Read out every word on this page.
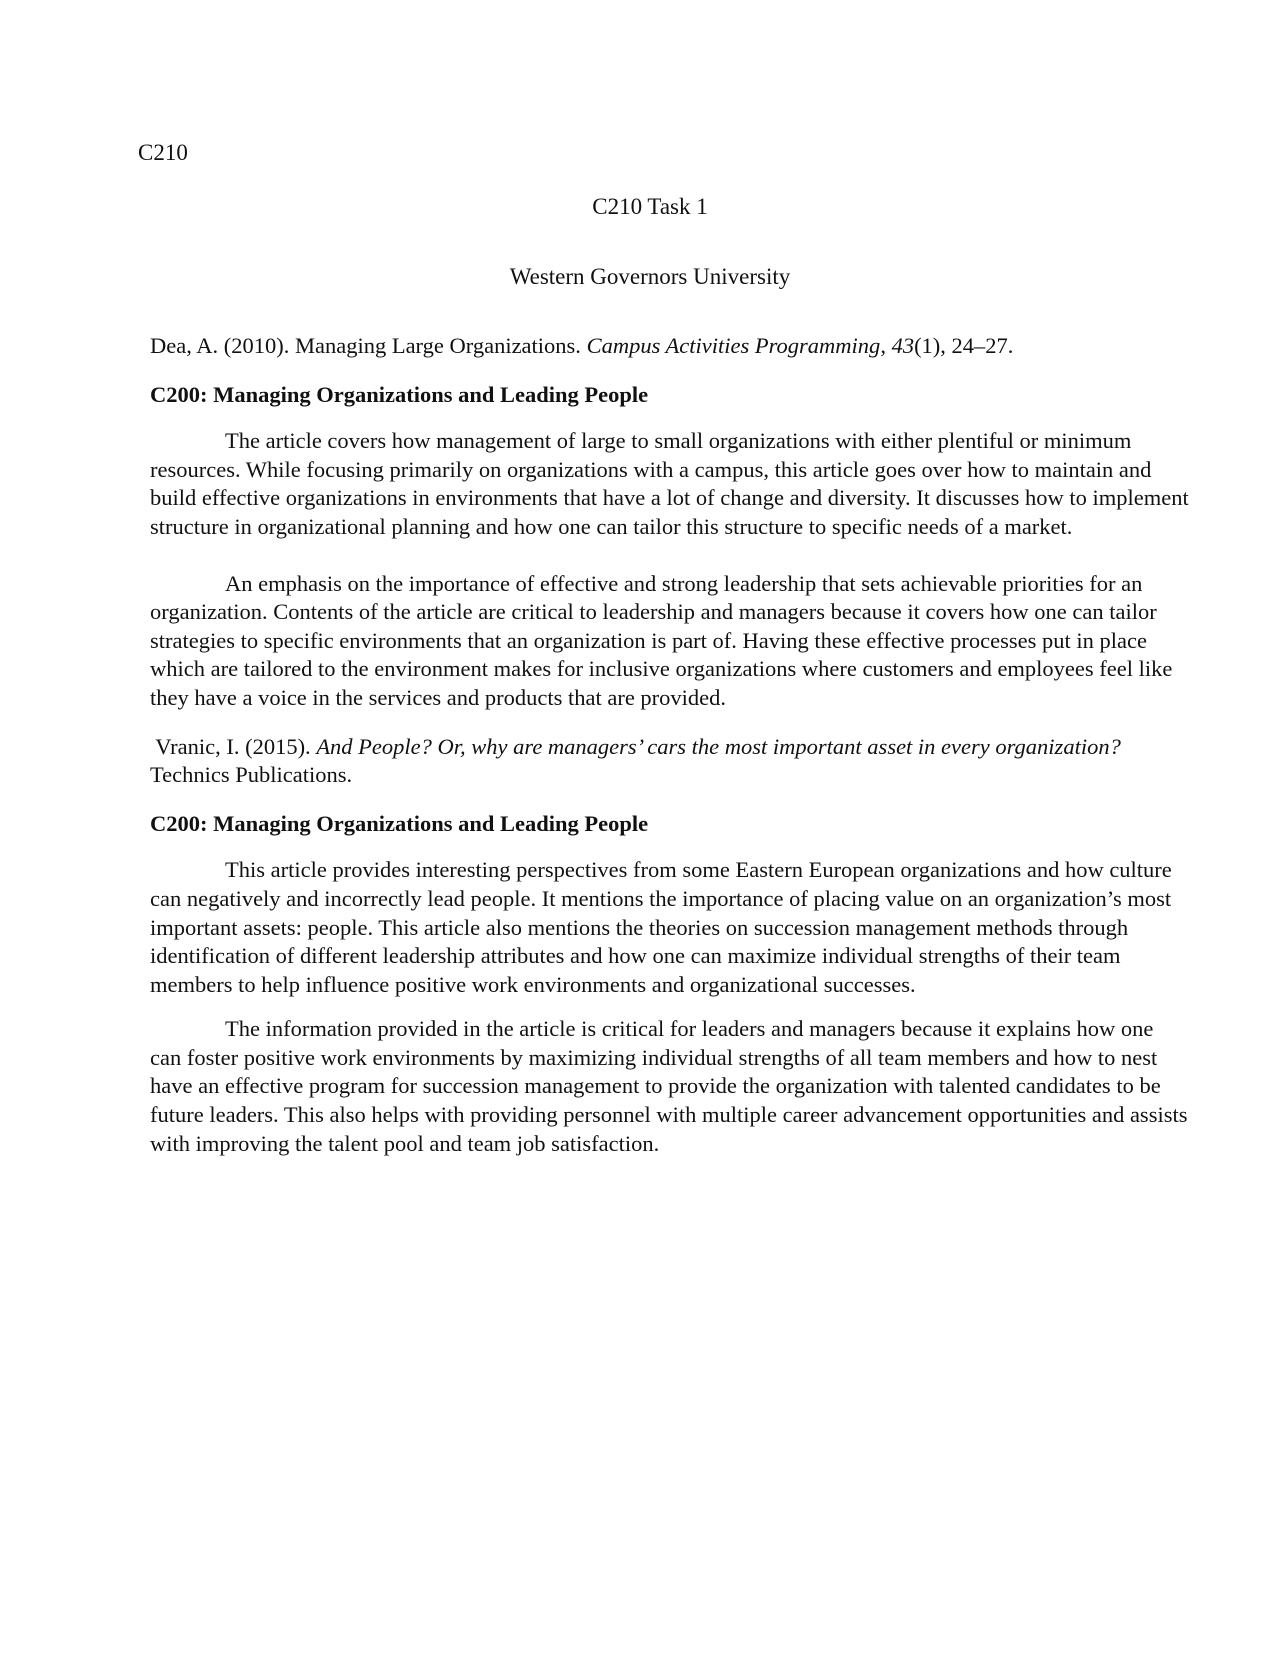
C210
C210 Task 1
Western Governors University

Dea, A. (2010). Managing Large Organizations. Campus Activities Programming, 43(1), 24–27.

C200: Managing Organizations and Leading People

The article covers how management of large to small organizations with either plentiful or minimum resources. While focusing primarily on organizations with a campus, this article goes over how to maintain and build effective organizations in environments that have a lot of change and diversity. It discusses how to implement structure in organizational planning and how one can tailor this structure to specific needs of a market.

An emphasis on the importance of effective and strong leadership that sets achievable priorities for an organization. Contents of the article are critical to leadership and managers because it covers how one can tailor strategies to specific environments that an organization is part of. Having these effective processes put in place which are tailored to the environment makes for inclusive organizations where customers and employees feel like they have a voice in the services and products that are provided.

Vranic, I. (2015). And People? Or, why are managers’ cars the most important asset in every organization? Technics Publications.

C200: Managing Organizations and Leading People

This article provides interesting perspectives from some Eastern European organizations and how culture can negatively and incorrectly lead people. It mentions the importance of placing value on an organization’s most important assets: people. This article also mentions the theories on succession management methods through identification of different leadership attributes and how one can maximize individual strengths of their team members to help influence positive work environments and organizational successes.

The information provided in the article is critical for leaders and managers because it explains how one can foster positive work environments by maximizing individual strengths of all team members and how to nest have an effective program for succession management to provide the organization with talented candidates to be future leaders. This also helps with providing personnel with multiple career advancement opportunities and assists with improving the talent pool and team job satisfaction.
